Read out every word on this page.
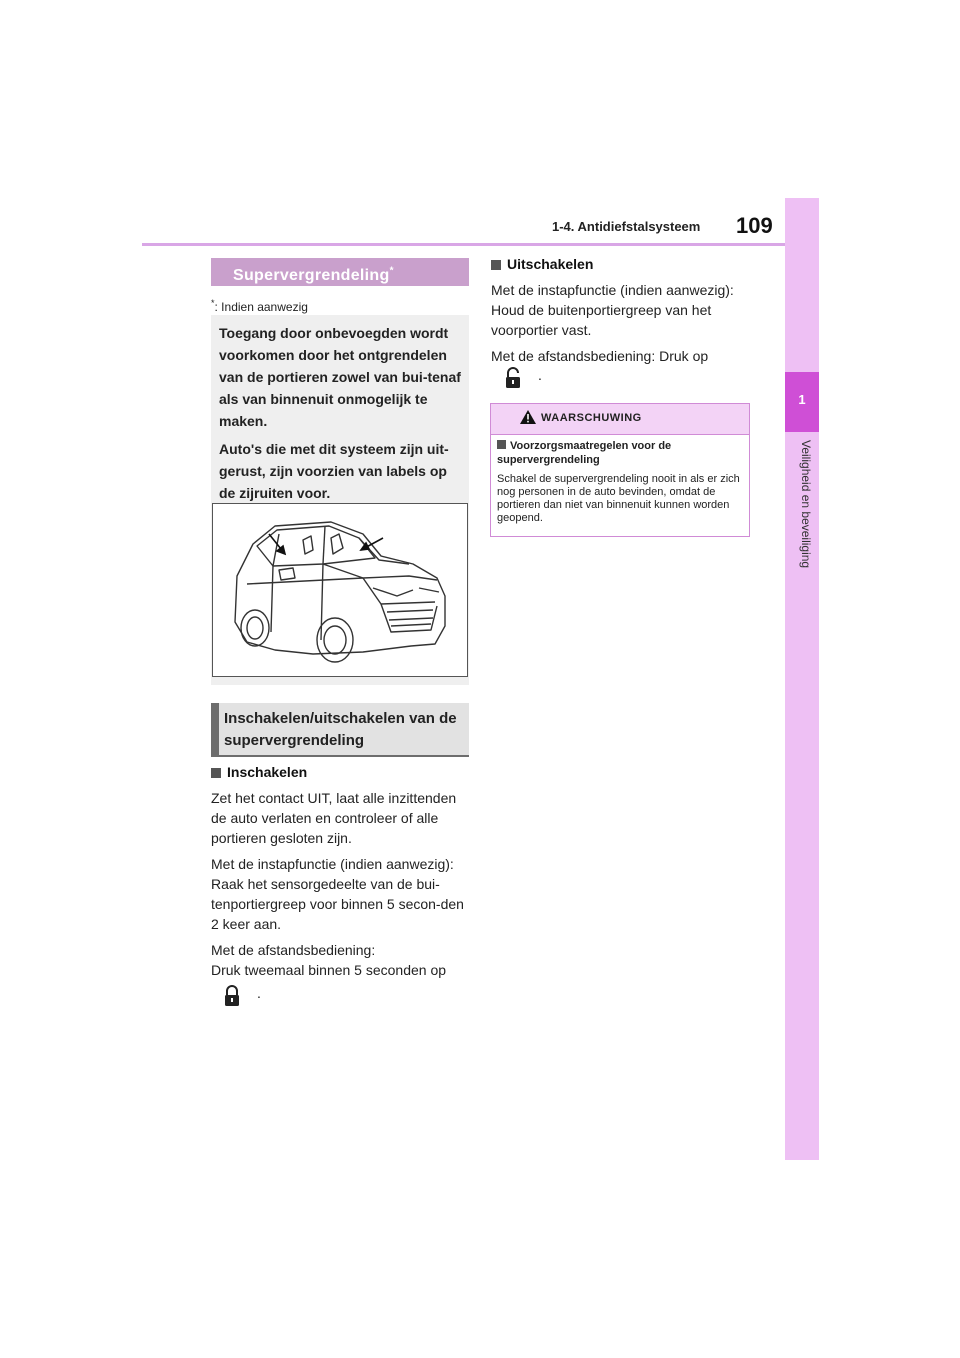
1-4. Antidiefstalsysteem 109
1
Veiligheid en beveiliging
Supervergrendeling*
*: Indien aanwezig

Toegang door onbevoegden wordt voorkomen door het ontgrendelen van de portieren zowel van bui-tenaf als van binnenuit onmogelijk te maken.

Auto's die met dit systeem zijn uit-gerust, zijn voorzien van labels op de zijruiten voor.

Inschakelen/uitschakelen van de supervergrendeling
Inschakelen

Zet het contact UIT, laat alle inzittenden de auto verlaten en controleer of alle portieren gesloten zijn.

Met de instapfunctie (indien aanwezig): Raak het sensorgedeelte van de bui-tenportiergreep voor binnen 5 secon-den 2 keer aan.

Met de afstandsbediening:

Druk tweemaal binnen 5 seconden op

.
Uitschakelen

Met de instapfunctie (indien aanwezig): Houd de buitenportiergreep van het voorportier vast.

Met de afstandsbediening: Druk op

.
WAARSCHUWING
Voorzorgsmaatregelen voor de supervergrendeling
Schakel de supervergrendeling nooit in als er zich nog personen in de auto bevinden, omdat de portieren dan niet van binnenuit kunnen worden geopend.
